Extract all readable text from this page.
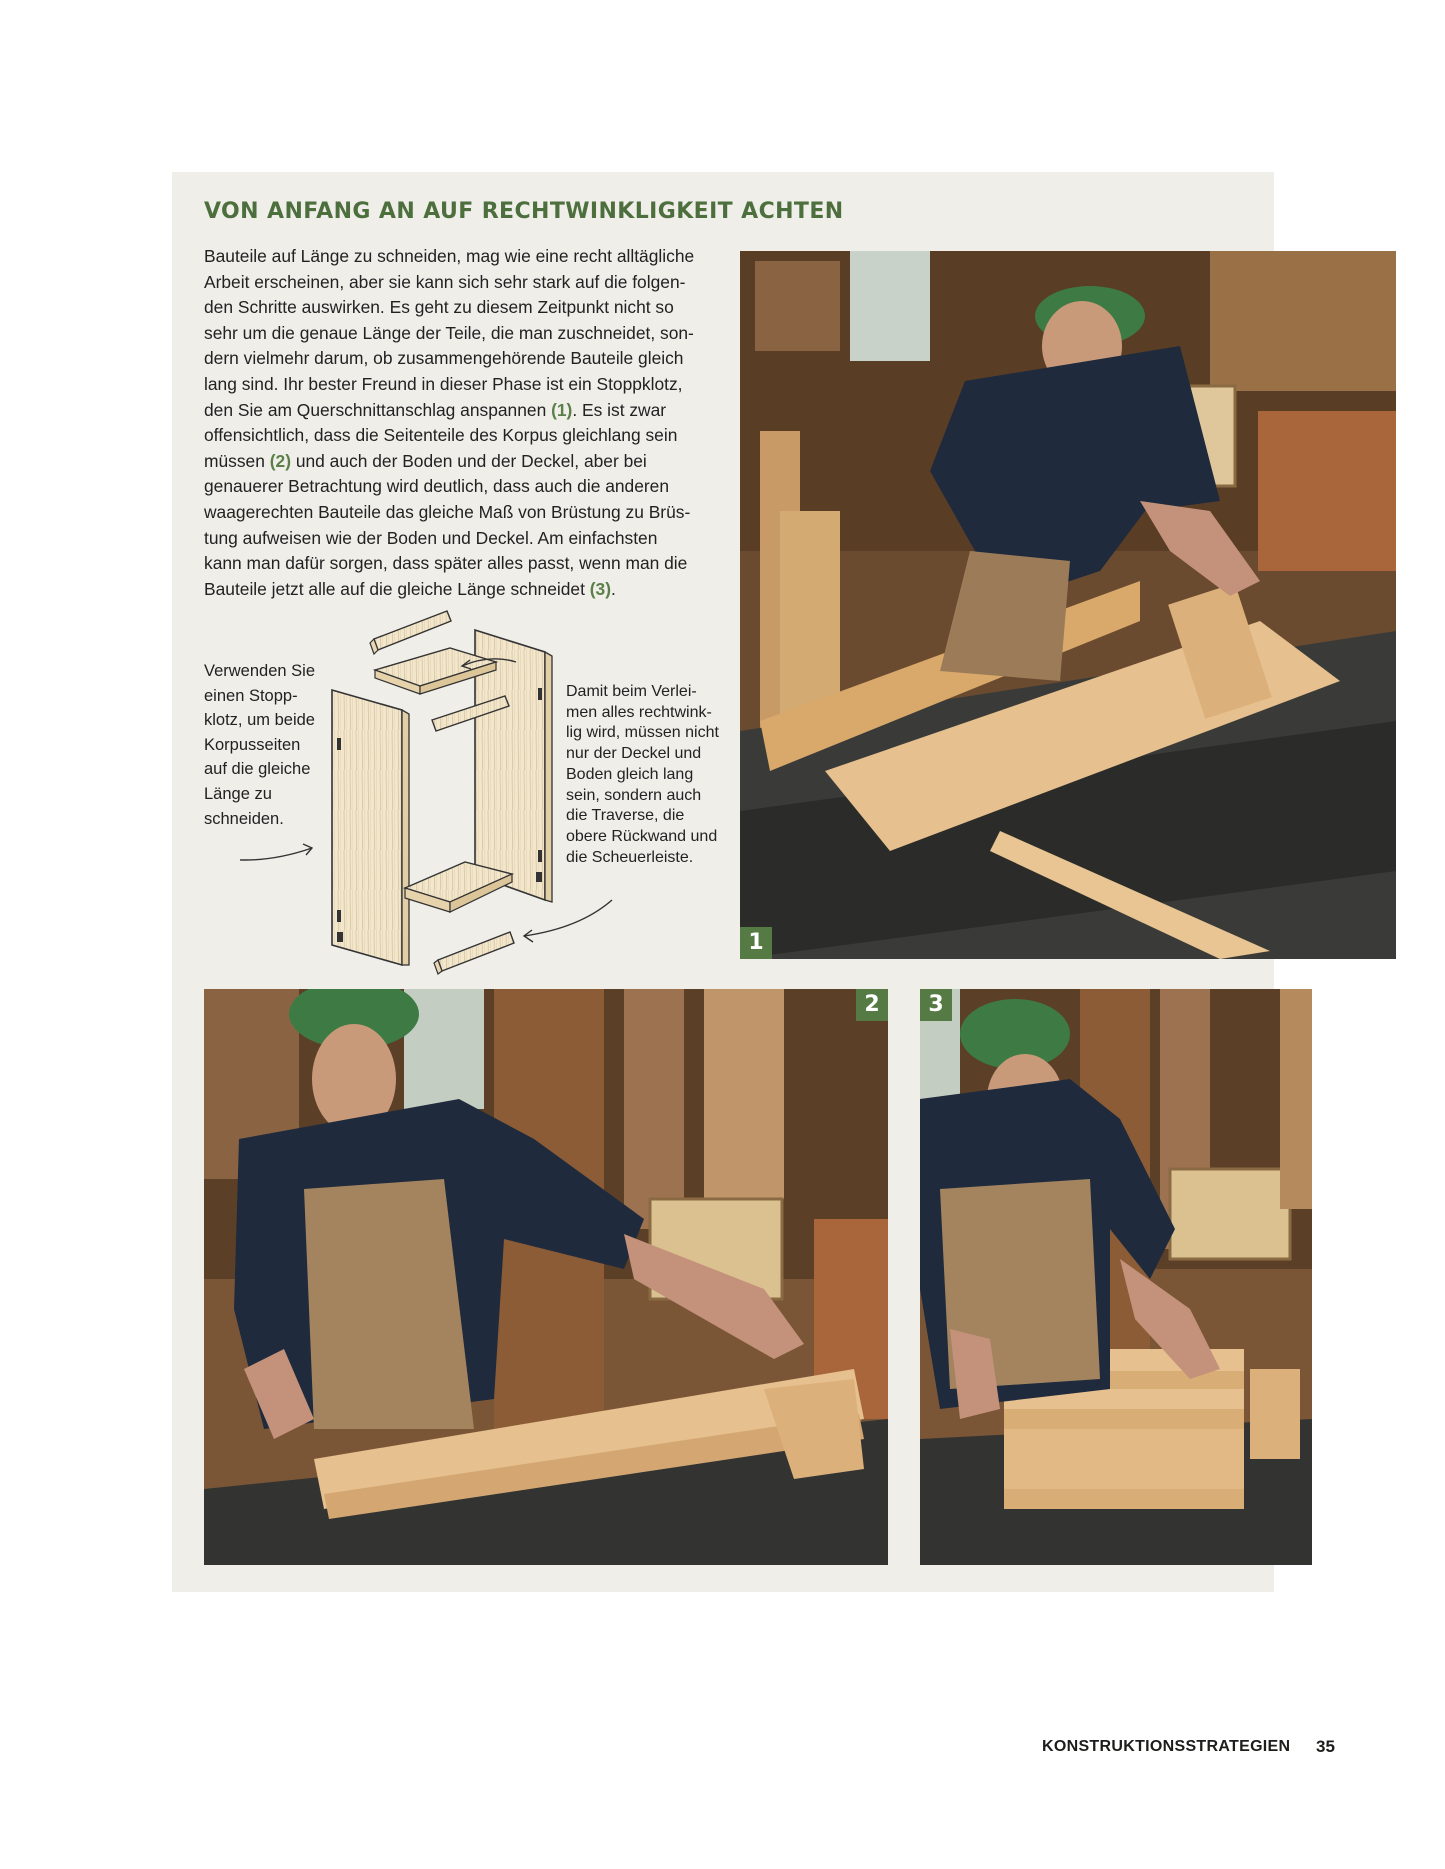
VON ANFANG AN AUF RECHTWINKLIGKEIT ACHTEN
Bauteile auf Länge zu schneiden, mag wie eine recht alltägliche
Arbeit erscheinen, aber sie kann sich sehr stark auf die folgen-
den Schritte auswirken. Es geht zu diesem Zeitpunkt nicht so
sehr um die genaue Länge der Teile, die man zuschneidet, son-
dern vielmehr darum, ob zusammengehörende Bauteile gleich
lang sind. Ihr bester Freund in dieser Phase ist ein Stoppklotz,
den Sie am Querschnittanschlag anspannen (1). Es ist zwar
offensichtlich, dass die Seitenteile des Korpus gleichlang sein
müssen (2) und auch der Boden und der Deckel, aber bei
genauerer Betrachtung wird deutlich, dass auch die anderen
waagerechten Bauteile das gleiche Maß von Brüstung zu Brüs-
tung aufweisen wie der Boden und Deckel. Am einfachsten
kann man dafür sorgen, dass später alles passt, wenn man die
Bauteile jetzt alle auf die gleiche Länge schneidet (3).
Verwenden Sie
einen Stopp-
klotz, um beide
Korpusseiten
auf die gleiche
Länge zu
schneiden.
Damit beim Verlei-
men alles rechtwink-
lig wird, müssen nicht
nur der Deckel und
Boden gleich lang
sein, sondern auch
die Traverse, die
obere Rückwand und
die Scheuerleiste.
1
2	3
KONSTRUKTIONSSTRATEGIEN 35
